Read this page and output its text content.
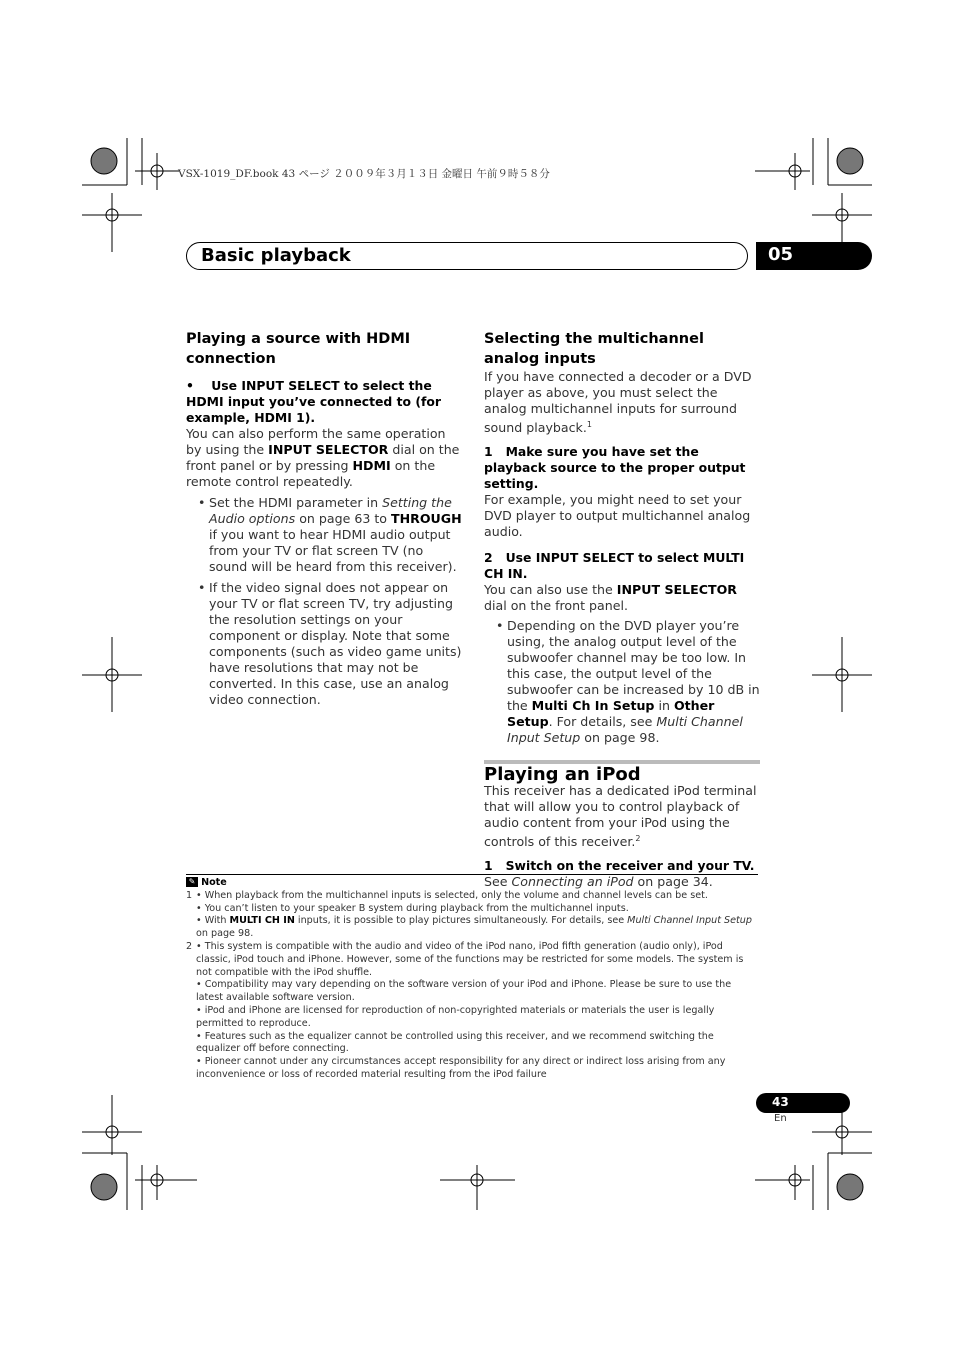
VSX-1019_DF.book 43 ページ ２００９年３月１３日 金曜日 午前９時５８分
Basic playback	05

Playing a source with HDMI connection

• Use INPUT SELECT to select the HDMI input you’ve connected to (for example, HDMI 1).

You can also perform the same operation by using the INPUT SELECTOR dial on the front panel or by pressing HDMI on the remote control repeatedly.

• Set the HDMI parameter in Setting the Audio options on page 63 to THROUGH if you want to hear HDMI audio output from your TV or flat screen TV (no sound will be heard from this receiver).

• If the video signal does not appear on your TV or flat screen TV, try adjusting the resolution settings on your component or display. Note that some components (such as video game units) have resolutions that may not be converted. In this case, use an analog video connection.

Selecting the multichannel analog inputs

If you have connected a decoder or a DVD player as above, you must select the analog multichannel inputs for surround sound playback.$^1$

1 Make sure you have set the playback source to the proper output setting.

For example, you might need to set your DVD player to output multichannel analog audio.

2 Use INPUT SELECT to select MULTI CH IN.

You can also use the INPUT SELECTOR dial on the front panel.

• Depending on the DVD player you’re using, the analog output level of the subwoofer channel may be too low. In this case, the output level of the subwoofer can be increased by 10 dB in the Multi Ch In Setup in Other Setup. For details, see Multi Channel Input Setup on page 98.

Playing an iPod

This receiver has a dedicated iPod terminal that will allow you to control playback of audio content from your iPod using the controls of this receiver.$^2$

1 Switch on the receiver and your TV.

See Connecting an iPod on page 34.

✎ Note
1 • When playback from the multichannel inputs is selected, only the volume and channel levels can be set.
• You can’t listen to your speaker B system during playback from the multichannel inputs.
• With MULTI CH IN inputs, it is possible to play pictures simultaneously. For details, see Multi Channel Input Setup on page 98.
2 • This system is compatible with the audio and video of the iPod nano, iPod fifth generation (audio only), iPod classic, iPod touch and iPhone. However, some of the functions may be restricted for some models. The system is not compatible with the iPod shuffle.
• Compatibility may vary depending on the software version of your iPod and iPhone. Please be sure to use the latest available software version.
• iPod and iPhone are licensed for reproduction of non-copyrighted materials or materials the user is legally permitted to reproduce.
• Features such as the equalizer cannot be controlled using this receiver, and we recommend switching the equalizer off before connecting.
• Pioneer cannot under any circumstances accept responsibility for any direct or indirect loss arising from any inconvenience or loss of recorded material resulting from the iPod failure
43
En
